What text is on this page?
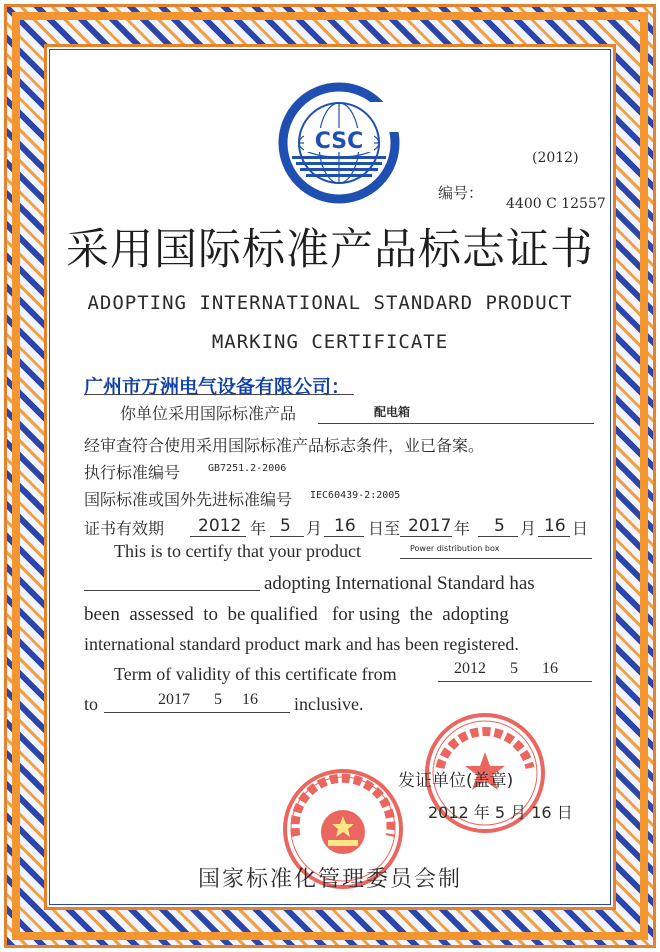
CSC
(2012)
编号：
4400 C 12557
采用国际标准产品标志证书
ADOPTING INTERNATIONAL STANDARD PRODUCT
MARKING CERTIFICATE
广州市万洲电气设备有限公司：
你单位采用国际标准产品	配电箱
经审查符合使用采用国际标准产品标志条件，业已备案。
执行标准编号	GB7251.2-2006
国际标准或国外先进标准编号 IEC60439-2:2005
证书有效期 2012 年 5 月 16 日至 2017 年 5 月 16 日
This is to certify that your product	Power distribution box
adopting International Standard has
been  assessed  to  be qualified   for using  the  adopting
international standard product mark and has been registered.
Term of validity of this certificate from	2012      5      16
to	2017      5     16 inclusive.
发证单位(盖章)
2012 年 5 月 16 日
国家标准化管理委员会制
